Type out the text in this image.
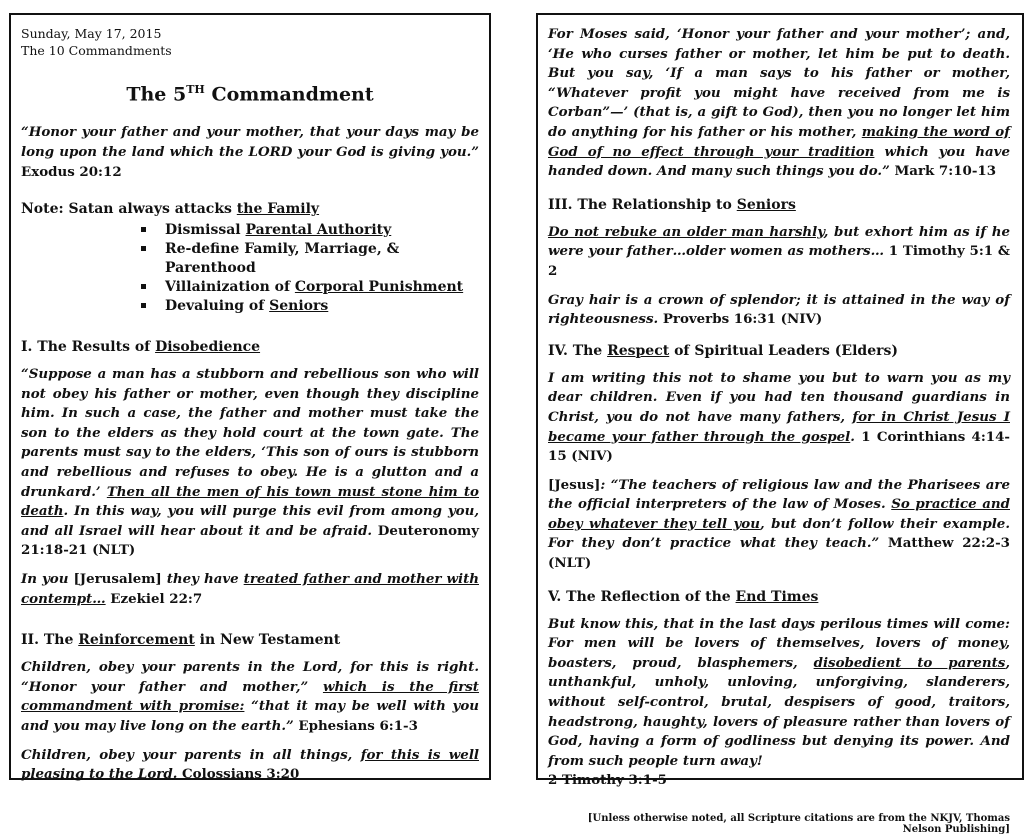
Sunday, May 17, 2015
The 10 Commandments
The 5TH Commandment

“Honor your father and your mother, that your days may be long upon the land which the LORD your God is giving you.” Exodus 20:12

Note: Satan always attacks the Family

Dismissal Parental Authority
Re-define Family, Marriage, & Parenthood
Villainization of Corporal Punishment
Devaluing of Seniors

I. The Results of Disobedience

“Suppose a man has a stubborn and rebellious son who will not obey his father or mother, even though they discipline him. In such a case, the father and mother must take the son to the elders as they hold court at the town gate. The parents must say to the elders, ‘This son of ours is stubborn and rebellious and refuses to obey. He is a glutton and a drunkard.’ Then all the men of his town must stone him to death. In this way, you will purge this evil from among you, and all Israel will hear about it and be afraid. Deuteronomy 21:18-21 (NLT)

In you [Jerusalem] they have treated father and mother with contempt… Ezekiel 22:7

II. The Reinforcement in New Testament

Children, obey your parents in the Lord, for this is right. “Honor your father and mother,” which is the first commandment with promise: “that it may be well with you and you may live long on the earth.” Ephesians 6:1-3

Children, obey your parents in all things, for this is well pleasing to the Lord. Colossians 3:20

For Moses said, ‘Honor your father and your mother’; and, ‘He who curses father or mother, let him be put to death. But you say, ‘If a man says to his father or mother, “Whatever profit you might have received from me is Corban”—’ (that is, a gift to God), then you no longer let him do anything for his father or his mother, making the word of God of no effect through your tradition which you have handed down. And many such things you do.” Mark 7:10-13

III. The Relationship to Seniors

Do not rebuke an older man harshly, but exhort him as if he were your father…older women as mothers… 1 Timothy 5:1 & 2

Gray hair is a crown of splendor; it is attained in the way of righteousness. Proverbs 16:31 (NIV)

IV. The Respect of Spiritual Leaders (Elders)

I am writing this not to shame you but to warn you as my dear children. Even if you had ten thousand guardians in Christ, you do not have many fathers, for in Christ Jesus I became your father through the gospel. 1 Corinthians 4:14-15 (NIV)

[Jesus]: “The teachers of religious law and the Pharisees are the official interpreters of the law of Moses. So practice and obey whatever they tell you, but don’t follow their example. For they don’t practice what they teach.” Matthew 22:2-3 (NLT)

V. The Reflection of the End Times

But know this, that in the last days perilous times will come: For men will be lovers of themselves, lovers of money, boasters, proud, blasphemers, disobedient to parents, unthankful, unholy, unloving, unforgiving, slanderers, without self-control, brutal, despisers of good, traitors, headstrong, haughty, lovers of pleasure rather than lovers of God, having a form of godliness but denying its power. And from such people turn away!
2 Timothy 3:1-5

[Unless otherwise noted, all Scripture citations are from the NKJV, Thomas Nelson Publishing]
